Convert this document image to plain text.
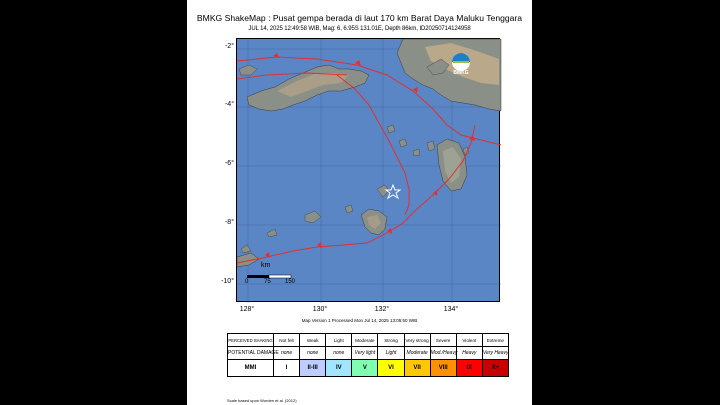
BMKG ShakeMap : Pusat gempa berada di laut 170 km Barat Daya Maluku Tenggara
JUL 14, 2025 12:49:58 WIB, Mag: 6, 6.95S 131.01E, Depth 86km, ID20250714124958
-2°
-4°
-6°
-8°
-10°
128°	130°	132°	134°
BMKG
km
0	75 150
Map Version 1 Processed Mon Jul 14, 2025 13:05:50 WIB
PERCEIVED SHAKING	Not felt	Weak	Light	Moderate	Strong	Very strong	Severe	Violent	Extreme
POTENTIAL DAMAGE	none	none	none	Very light	Light	Moderate	Mod./Heavy	Heavy	Very Heavy
MMI	I	II-III	IV	V	VI	VII	VIII	IX	X+
Scale based upon Worden et al. (2012)
